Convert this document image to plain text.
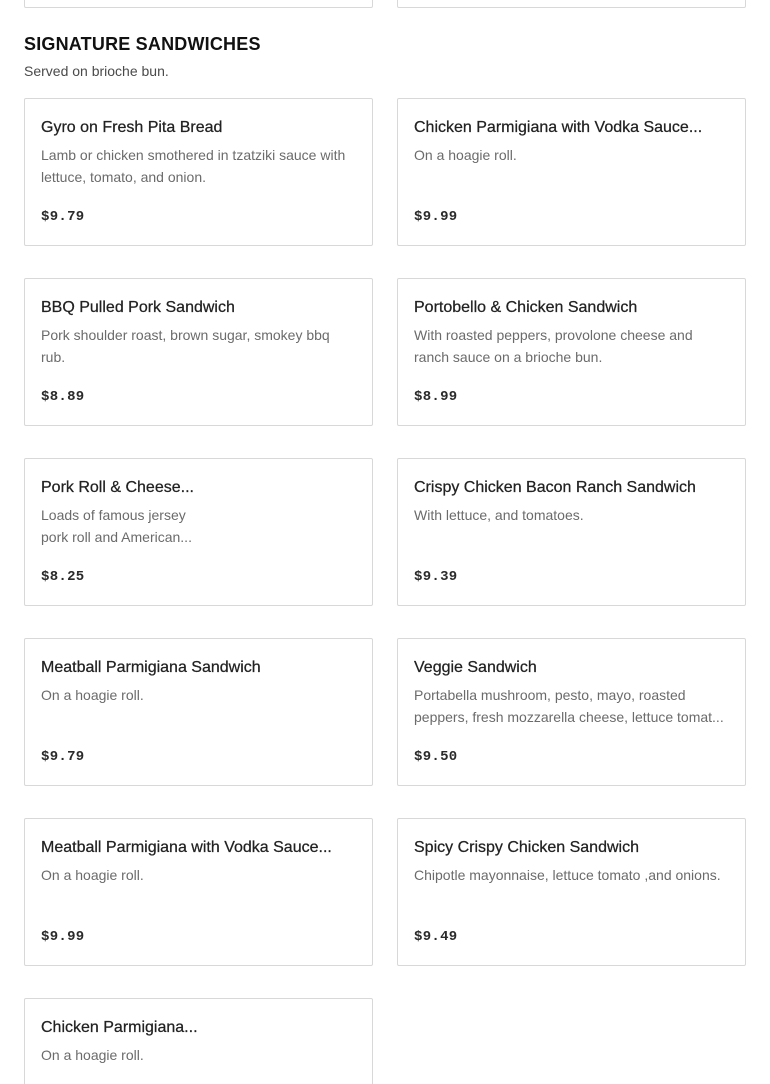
SIGNATURE SANDWICHES

Served on brioche bun.

Gyro on Fresh Pita Bread
Lamb or chicken smothered in tzatziki sauce with lettuce, tomato, and onion.
$9.79
Chicken Parmigiana with Vodka Sauce...
On a hoagie roll.
$9.99
BBQ Pulled Pork Sandwich
Pork shoulder roast, brown sugar, smokey bbq rub.
$8.89
Portobello & Chicken Sandwich
With roasted peppers, provolone cheese and ranch sauce on a brioche bun.
$8.99
Pork Roll & Cheese...
Loads of famous jersey
pork roll and American...
$8.25
Crispy Chicken Bacon Ranch Sandwich
With lettuce, and tomatoes.
$9.39
Meatball Parmigiana Sandwich
On a hoagie roll.
$9.79
Veggie Sandwich
Portabella mushroom, pesto, mayo, roasted peppers, fresh mozzarella cheese, lettuce tomat...
$9.50
Meatball Parmigiana with Vodka Sauce...
On a hoagie roll.
$9.99
Spicy Crispy Chicken Sandwich
Chipotle mayonnaise, lettuce tomato ,and onions.
$9.49
Chicken Parmigiana...
On a hoagie roll.
